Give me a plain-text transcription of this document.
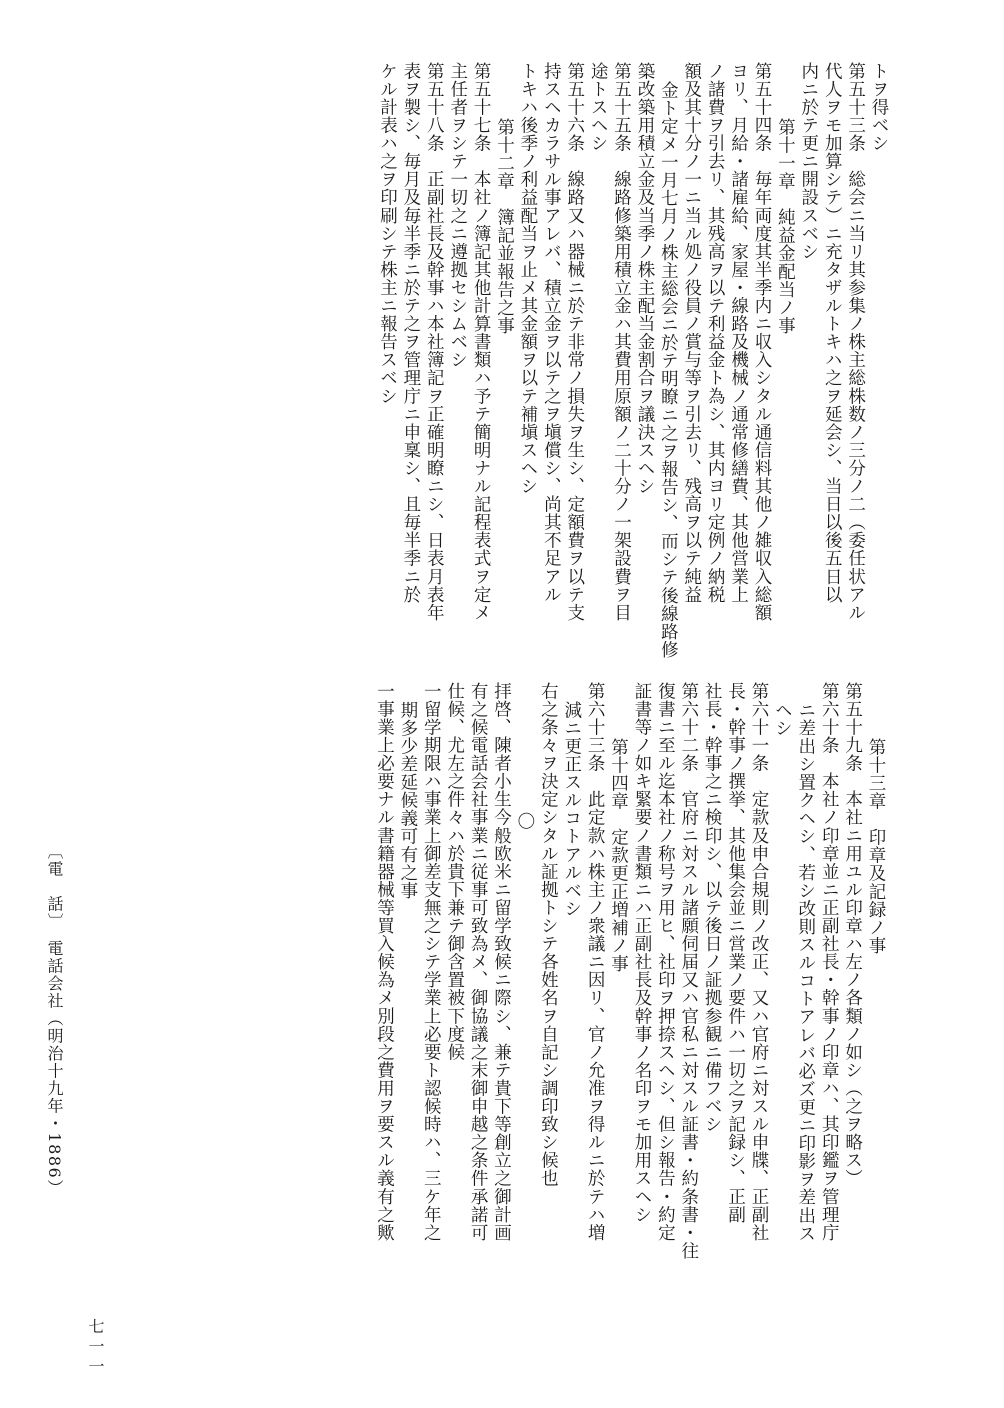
トヲ得ベシ
第五十三条　総会ニ当リ其参集ノ株主総株数ノ三分ノ二（委任状アル
代人ヲモ加算シテ）ニ充タザルトキハ之ヲ延会シ、当日以後五日以
内ニ於テ更ニ開設スベシ
第十一章　純益金配当ノ事
第五十四条　毎年両度其半季内ニ収入シタル通信料其他ノ雑収入総額
ヨリ、月給・諸雇給、家屋・線路及機械ノ通常修繕費、其他営業上
ノ諸費ヲ引去リ、其残高ヲ以テ利益金ト為シ、其内ヨリ定例ノ納税
額及其十分ノ一ニ当ル処ノ役員ノ賞与等ヲ引去リ、残高ヲ以テ純益
金ト定メ一月七月ノ株主総会ニ於テ明瞭ニ之ヲ報告シ、而シテ後線路修
築改築用積立金及当季ノ株主配当金割合ヲ議決スヘシ
第五十五条　線路修築用積立金ハ其費用原額ノ二十分ノ一架設費ヲ目
途トスヘシ
第五十六条　線路又ハ器械ニ於テ非常ノ損失ヲ生シ、定額費ヲ以テ支
持スヘカラサル事アレバ、積立金ヲ以テ之ヲ塡償シ、尚其不足アル
トキハ後季ノ利益配当ヲ止メ其金額ヲ以テ補塡スヘシ
第十二章　簿記並報告之事
第五十七条　本社ノ簿記其他計算書類ハ予テ簡明ナル記程表式ヲ定メ
主任者ヲシテ一切之ニ遵拠セシムベシ
第五十八条　正副社長及幹事ハ本社簿記ヲ正確明瞭ニシ、日表月表年
表ヲ製シ、毎月及毎半季ニ於テ之ヲ管理庁ニ申稟シ、且毎半季ニ於
ケル計表ハ之ヲ印刷シテ株主ニ報告スベシ
第十三章　印章及記録ノ事
第五十九条　本社ニ用ユル印章ハ左ノ各類ノ如シ（之ヲ略ス）
第六十条　本社ノ印章並ニ正副社長・幹事ノ印章ハ、其印鑑ヲ管理庁
ニ差出シ置クヘシ、若シ改則スルコトアレバ必ズ更ニ印影ヲ差出ス
ヘシ
第六十一条　定款及申合規則ノ改正、又ハ官府ニ対スル申牒、正副社
長・幹事ノ撰挙、其他集会並ニ営業ノ要件ハ一切之ヲ記録シ、正副
社長・幹事之ニ検印シ、以テ後日ノ証拠参観ニ備フベシ
第六十二条　官府ニ対スル諸願伺届又ハ官私ニ対スル証書・約条書・往
復書ニ至ル迄本社ノ称号ヲ用ヒ、社印ヲ押捺スヘシ、但シ報告・約定
証書等ノ如キ緊要ノ書類ニハ正副社長及幹事ノ名印ヲモ加用スヘシ
第十四章　定款更正増補ノ事
第六十三条　此定款ハ株主ノ衆議ニ因リ、官ノ允准ヲ得ルニ於テハ増
減ニ更正スルコトアルベシ
右之条々ヲ決定シタル証拠トシテ各姓名ヲ自記シ調印致シ候也
〇
拝啓、陳者小生今般欧米ニ留学致候ニ際シ、兼テ貴下等創立之御計画
有之候電話会社事業ニ従事可致為メ、御協議之末御申越之条件承諾可
仕候、尤左之件々ハ於貴下兼テ御含置被下度候
一留学期限ハ事業上御差支無之シテ学業上必要ト認候時ハ、三ケ年之
期多少差延候義可有之事
一事業上必要ナル書籍器械等買入候為メ別段之費用ヲ要スル義有之歟
〔電　話〕　電話会社（明治十九年・1886）
七一一
